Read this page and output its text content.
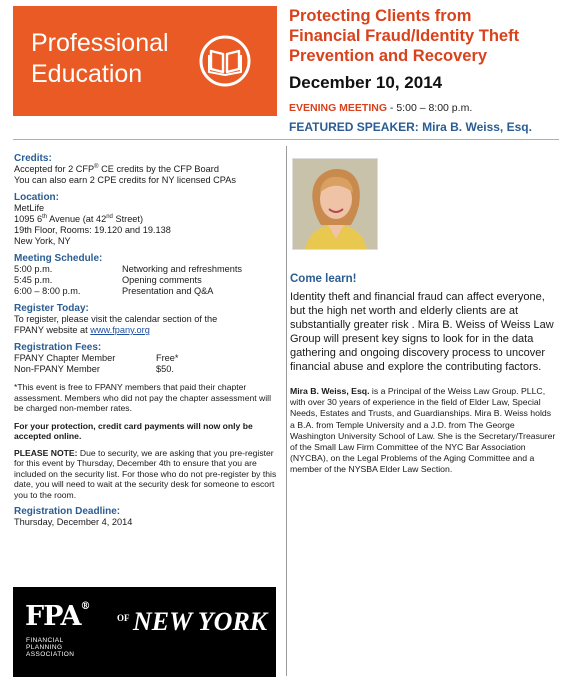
Professional
Education
Protecting Clients from
Financial Fraud/Identity Theft
Prevention and Recovery
December 10, 2014
EVENING MEETING - 5:00 – 8:00 p.m.
FEATURED SPEAKER: Mira B. Weiss, Esq.
Credits:
Accepted for 2 CFP® CE credits by the CFP Board
You can also earn 2 CPE credits for NY licensed CPAs
Location:
MetLife
1095 6th Avenue (at 42nd Street)
19th Floor, Rooms: 19.120 and 19.138
New York, NY
Meeting Schedule:
5:00 p.m.	Networking and refreshments
5:45 p.m.	Opening comments
6:00 – 8:00 p.m.	Presentation and Q&A
Register Today:
To register, please visit the calendar section of the
FPANY website at www.fpany.org
Registration Fees:
FPANY Chapter Member	Free*
Non-FPANY Member	$50.
*This event is free to FPANY members that paid their chapter assessment. Members who did not pay the chapter assessment will be charged non-member rates.
For your protection, credit card payments will now only be accepted online.
PLEASE NOTE: Due to security, we are asking that you pre-register for this event by Thursday, December 4th to ensure that you are included on the security list. For those who do not pre-register by this date, you will need to wait at the security desk for someone to escort you to the room.
Registration Deadline:
Thursday, December 4, 2014
FPA®
FINANCIAL
PLANNING
ASSOCIATION
OF NEW YORK
Come learn!
Identity theft and financial fraud can affect everyone, but the high net worth and elderly clients are at substantially greater risk . Mira B. Weiss of Weiss Law Group will present key signs to look for in the data gathering and ongoing discovery process to uncover financial abuse and explore the contributing factors.
Mira B. Weiss, Esq. is a Principal of the Weiss Law Group. PLLC, with over 30 years of experience in the field of Elder Law, Special Needs, Estates and Trusts, and Guardianships. Mira B. Weiss holds a B.A. from Temple University and a J.D. from The George Washington University School of Law. She is the Secretary/Treasurer of the Small Law Firm Committee of the NYC Bar Association (NYCBA), on the Legal Problems of the Aging Committee and a member of the NYSBA Elder Law Section.
